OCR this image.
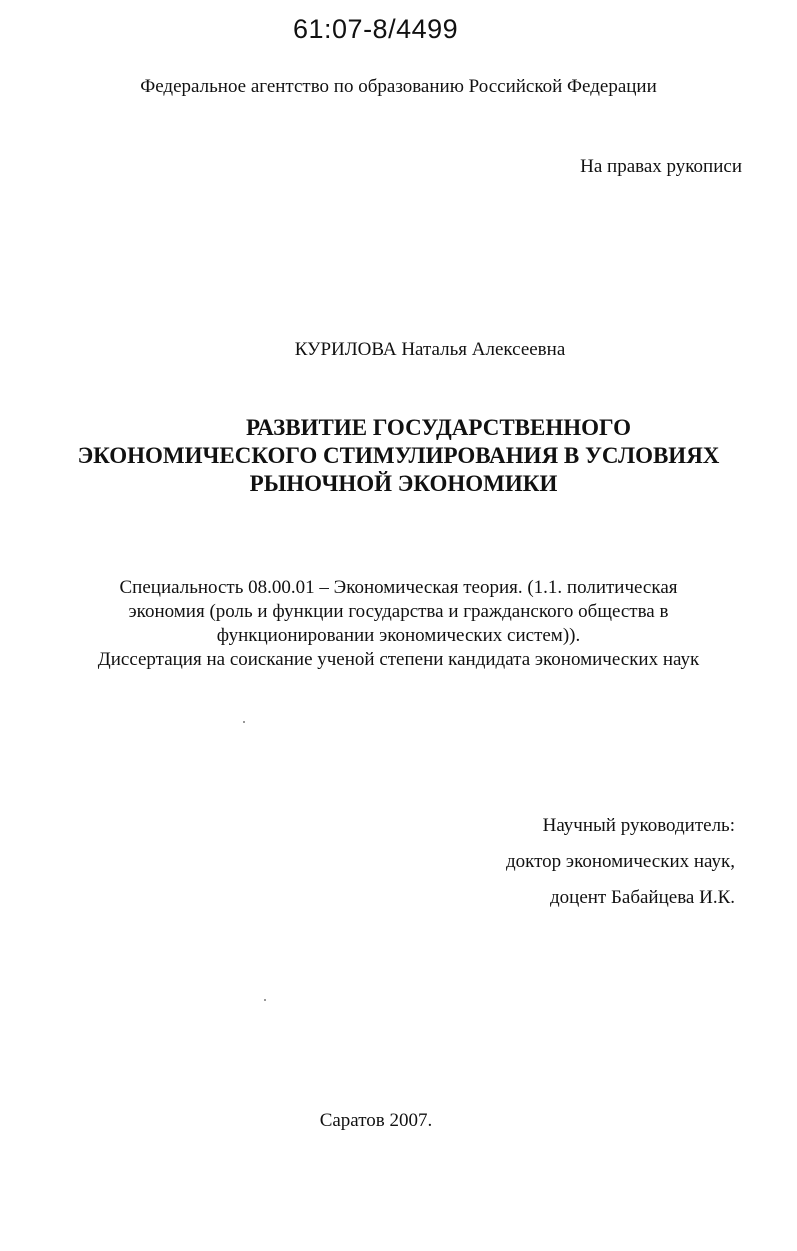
61:07-8/4499
Федеральное агентство по образованию Российской Федерации
На правах рукописи
КУРИЛОВА Наталья Алексеевна
РАЗВИТИЕ ГОСУДАРСТВЕННОГО
ЭКОНОМИЧЕСКОГО СТИМУЛИРОВАНИЯ В УСЛОВИЯХ
РЫНОЧНОЙ ЭКОНОМИКИ
Специальность 08.00.01 – Экономическая теория. (1.1. политическая
экономия (роль и функции государства и гражданского общества в
функционировании экономических систем)).
Диссертация на соискание ученой степени кандидата экономических наук
Научный руководитель:
доктор экономических наук,
доцент Бабайцева И.К.
Саратов 2007.
